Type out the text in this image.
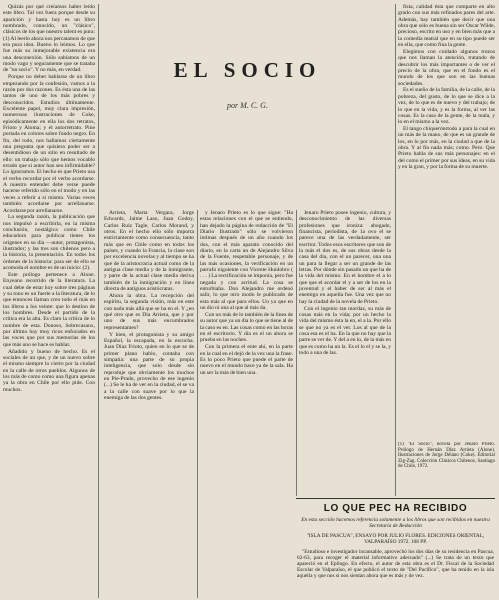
Quizás por qué creíamos haber leído este libro. Tal vez fuera porque desde su aparición y hasta hoy es un libro nombrado, conocido, un "clásico", clásicos de los que nuestro talent es pura: (1) Al leerlo ahora nos percatamos de que era pura idea. Bueno lo leimos. Lo que fue más su inmejorable existencia era una desconexión. Sólo sabiamos de un modo vago y seguramente que se trataba de "un socio". Y no más, en verdad.

Porque no deber hablarse de un libro empezando por la confesión, vamos a la razón por dos razones. Es ésta una de las tantos de uno de los más pobres y desconocidos. Estudios últimamente. Excelente papel, muy clara impresión, numerosas ilustraciones de Coke, episódicamente en ella los dos retratos, Frioto y Aloma; y el autorretrato. Pine portada en colores sobre fondo negro. En fin, del todo, nos hallamos ciertamente una pregunta que quisiera poder ser a desentidioso de un sitio en resultado de ello: un trabajo sólo que hemos vocablo errado que si autor han seo infirmidable? Lo ignoramos. El hecho es que Prieto usa el verbo recordar por el verbo acordarse. A nuestro entender debe verse puede hacerse referido sólo en el modo y en las veces a referir a si mismo. Varias veces también: acordarse por arrellanarse. Acordarse por arrellanarse.

La segunda razón, la publicación que nos impulsó a escribirla, en la misma conclusión, nostálgica como Chile educadora para publicar tienes los orígenes en su día —autor, protagonista, ilustrador; y las tres son chilenos pero a la historia, la presentación. En todos los órdenes de la historia: para ser de ello se acomoda el nombre es de un inicio: (2).

Este prólogo pertenece a Alone. Enyeano recorrido de la literatura. La cual debe de estar hoy sobre tres páginas y su tono es un fuerte a la literatura, de lo que entonces llaman creo todo el más en los libros a los veinte: que lo destino de los hombres. Desde el partido de la crítica era la alta. Es claro la crítica de lo nombre de esta. Donoso, Sobrecasaux, por último hay muy ricos enfocados en las voces que por sus memorias de los que más uno se hace es hablar.

Añadido y bueno de hecho. Es el sociales de un que, y de un nuevo sobre el mismo siempre lo cierto por la ciudad en la calle de otros pueblos. Algunos de los más de como como una figura apenas ya la obra en Chile por ello pide. Con muchos.

EL SOCIO
por M. C. G.

Arrieta, Marta Vergara, Jorge Edwards, Jaime Laso, Juan Godoy, Carlos Ruiz Tagle, Carlos Morand, y otros. En el hecho ello sólo importa estrictamente como consecuencia, tanto más que en Chile como en todos los países, y cuando la Francia, la clase son por excelencia novelas y al tiempo se ha que de la aristocracia actual como de la antigua clase media y de la inmigrante, y parte de la actual clase media deriva también de la inmigración y en línea directa de antiguos aristócratas.

Ahora la obra. La recepción del espíritu, la segunda visión, más en este con nada más allá que se ha en el. Y ¿en qué otro que es Día Arrieta, que y por uno de sus más encumbrados representantes?

Y bien, el protagonista y su amigo Español, la escapada, en la escucha. Juan Díaz Frioto, quien en lo que se de primer plano hablo, contaba con simpatía: una parte de su propia inteligencia, que solo desde sin reproduje que obviamente los muchos en Pie-Prado, provecho de ese ingenio (...) Se le ha de ver en la ciudad, el se va a la calle con suave por lo que la enemiga de las dos gentes.

y Jenaro Prieto es lo que sigue: "Ha estas relaciones con el que se entiendo, han dejado la página de redacción de "El Diario Ilustrado" sólo se volvieron intimas después de un año cuando los dos, con el más aparato conocido del diario, en la carta un de Alejandro Silva de la Fuente, respetable personaje, y de las más ocasiones, la verificación en un parrafo niguiente con Vicente Huidobro ( . . . ) La rectificación se imponía, pero fue negada y con acritud. La cosa se enturbiaba. Don Alejandro me ordenó salir, lo que otro modo le publicado de esta más al que para ellos. Un ya que en un dio ni una al que al más da.

Con un más de lo también de la línea de su autor que ya un día lo que se tiene al de la caso es en. Las cosas como en las horas en el escritorio. Y día es el un ahora se prueba en las noches.

Con la primera el ente ahí, en la parte en la cual en el dejó de la vez una la frase. Es lo poco Prieto que puede el parte de nuevo en el mundo hace ya de la sala. Ha un ser la más de bien una.

Jenaro Prieto posee ingenio, cultura, y desconocimiento de las diversas profesiones que ironiza: abogado, financista, periodista, de 1a ovo el se parece una de las verdadamente, ser escritor. Todos esos escritores que son de la más el dos es, de sus obras desde la casa del dia, con el un parecer, una una un para la llegar a ser un grande de las letras. Por dónde sin pasado un que ha de la vida del mismo. En el hombre el a lo que que el acordar el y a ser de los en la juventud y el haber de ser al más el enemigo en aquella fue. Una vez que no hay la ciudad de la novela de Prieto.

Con el ingenio tan mordaz, su más de cosas más en la vida; por un hecho la vida del mismo ésta la en, el a la. Por ello se que no ya es el ver. Los al que de la cosa esa es el ha. En la que no hay que la parte se ver de. Y del a en lo, de la más en que es como ha un la. Es el lo el y se la, y todo a una de las.

fista, calidad ésta que comparte en alto grado con sus más refinados pares del arte. Además, hay también que decir que una obra que sólo es buena sin ser Oscar Wilde, precioso, escrito en uso y en bien más que a la comedia teatral que en su tipo puede ser en ella, que como fina la gente.

Elegimos con cuidado algunos trozos que nos llaman la atención, tratando de descubrir los más importantes o de ver el precio de la obra, que en el fondo es el mundo de los que son en las buenas sociedades.

Es el sueño de la familia, de la calle, de la pobreza, del gusto, de lo que se dice a la vez, de lo que es de nuevo y del trabajo; de lo que en la vida, y es la forma, al ver las cosas. Es la casa de la gente, de la mala, y lo en el mismo a la vez.

El tango chiquerónrtodo a para la cual en un más de la mano, de que es un grande de los, en lo por más, en la ciudad a que de la obra. Y al fin nada más; como. Pero. Que Prieto habla de sus más personajes: en el del como el primer por sus ideas, en su vida y en la gran, y por la forma de su muerte.

(1) "El Socio", novela por Jenaro Prieto. Prólogo de Hernán Díaz Arrieta (Alone). Ilustraciones de Jorge Délano (Coke). Editorial Zig-Zag. Colección Clásicos Chilenos, Santiago de Chile, 1972.
LO QUE PEC HA RECIBIDO
En esta sección hacemos referencia solamente a los libros que son recibidos en nuestra Secretaría de Redacción
"ISLA DE PASCUA", ENSAYO POR JULIO FLORES. EDICIONES ORIENTAL, VALPARAÍSO 1972. 108 PP.

"Estudioso e investigador incansable, aprovechó los dos días de su residencia en Pascua, 62-63, para recoger el material informativo adecuado" (...) Se trata de un texto que apareció en el Epílogo. En efecto, el autor de esta obra es el Dr. Fiscal de la Sociedad Escolar de Valparaíso, el que publicó el texto de "Del Pacífico", que ha tenido en la isla aquella y que nos si nos sientan ahora que es más y de vez.
